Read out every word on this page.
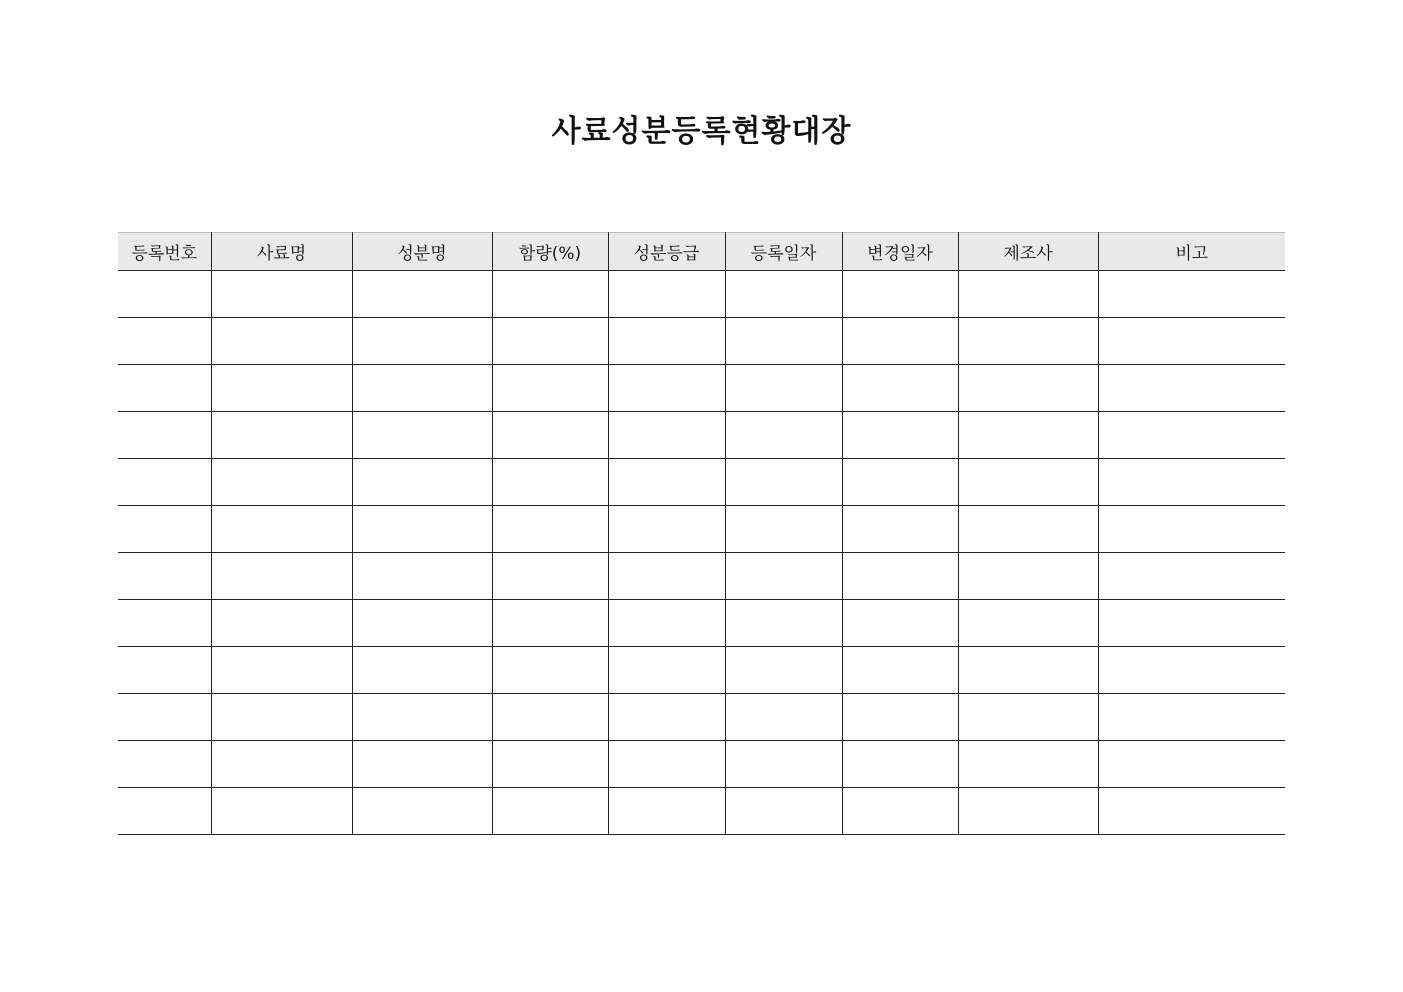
사료성분등록현황대장
등록번호	사료명	성분명	함량(%)	성분등급	등록일자	변경일자	제조사	비고
